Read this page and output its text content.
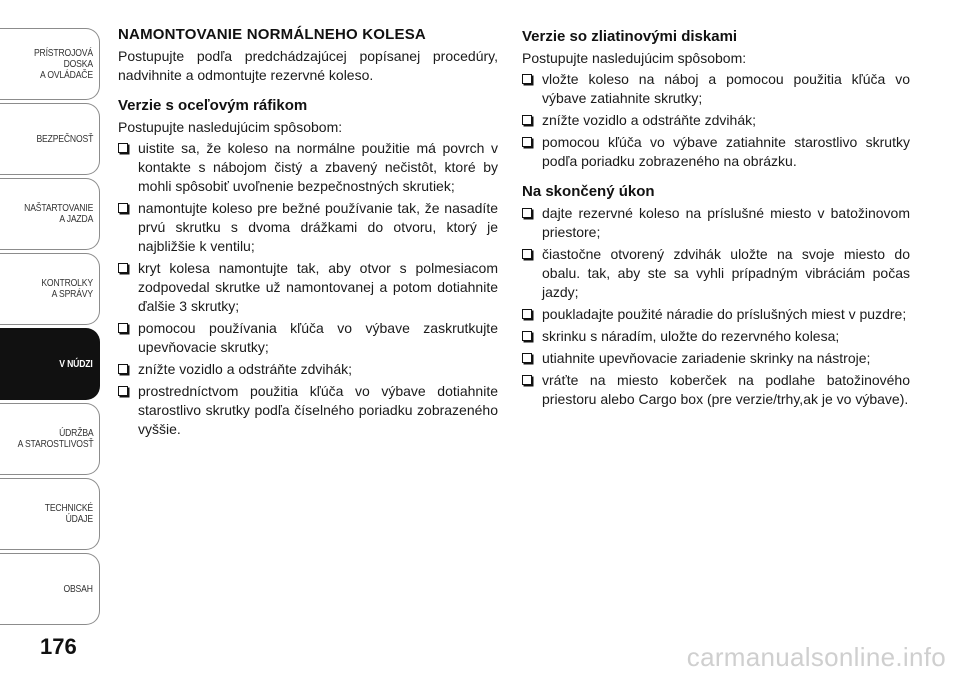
PRÍSTROJOVÁ
DOSKA
A OVLÁDAČE
BEZPEČNOSŤ
NAŠTARTOVANIE
A JAZDA
KONTROLKY
A SPRÁVY
V NÚDZI
ÚDRŽBA
A STAROSTLIVOSŤ
TECHNICKÉ ÚDAJE
OBSAH
176
NAMONTOVANIE NORMÁLNEHO KOLESA

Postupujte podľa predchádzajúcej popísanej procedúry, nadvihnite a odmontujte rezervné koleso.

Verzie s oceľovým ráfikom

Postupujte nasledujúcim spôsobom:

uistite sa, že koleso na normálne použitie má povrch v kontakte s nábojom čistý a zbavený nečistôt, ktoré by mohli spôsobiť uvoľnenie bezpečnostných skrutiek;
namontujte koleso pre bežné používanie tak, že nasadíte prvú skrutku s dvoma drážkami do otvoru, ktorý je najbližšie k ventilu;
kryt kolesa namontujte tak, aby otvor s polmesiacom zodpovedal skrutke už namontovanej a potom dotiahnite ďalšie 3 skrutky;
pomocou používania kľúča vo výbave zaskrutkujte upevňovacie skrutky;
znížte vozidlo a odstráňte zdvihák;
prostredníctvom použitia kľúča vo výbave dotiahnite starostlivo skrutky podľa číselného poriadku zobrazeného vyššie.
Verzie so zliatinovými diskami

Postupujte nasledujúcim spôsobom:

vložte koleso na náboj a pomocou použitia kľúča vo výbave zatiahnite skrutky;
znížte vozidlo a odstráňte zdvihák;
pomocou kľúča vo výbave zatiahnite starostlivo skrutky podľa poriadku zobrazeného na obrázku.
Na skončený úkon
dajte rezervné koleso na príslušné miesto v batožinovom priestore;
čiastočne otvorený zdvihák uložte na svoje miesto do obalu. tak, aby ste sa vyhli prípadným vibráciám počas jazdy;
poukladajte použité náradie do príslušných miest v puzdre;
skrinku s náradím, uložte do rezervného kolesa;
utiahnite upevňovacie zariadenie skrinky na nástroje;
vráťte na miesto koberček na podlahe batožinového priestoru alebo Cargo box (pre verzie/trhy,ak je vo výbave).
carmanualsonline.info
